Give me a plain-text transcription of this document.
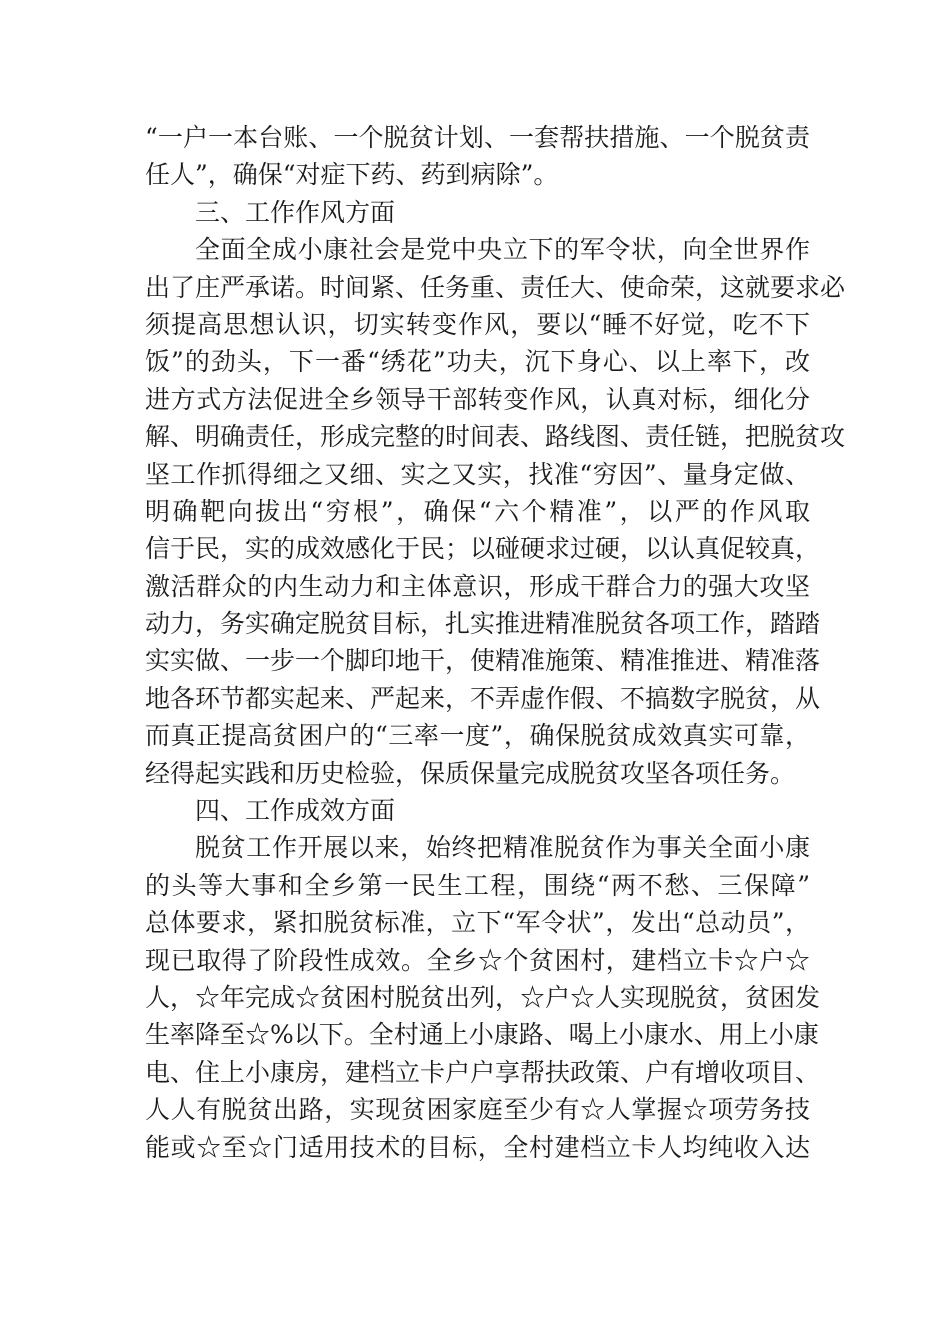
“一户一本台账、一个脱贫计划、一套帮扶措施、一个脱贫责
任人”，确保“对症下药、药到病除”。
三、工作作风方面
全面全成小康社会是党中央立下的军令状，向全世界作
出了庄严承诺。时间紧、任务重、责任大、使命荣，这就要求必
须提高思想认识，切实转变作风，要以“睡不好觉，吃不下
饭”的劲头，下一番“绣花”功夫，沉下身心、以上率下，改
进方式方法促进全乡领导干部转变作风，认真对标，细化分
解、明确责任，形成完整的时间表、路线图、责任链，把脱贫攻
坚工作抓得细之又细、实之又实，找准“穷因”、量身定做、
明确靶向拔出“穷根”，确保“六个精准”，以严的作风取
信于民，实的成效感化于民；以碰硬求过硬，以认真促较真，
激活群众的内生动力和主体意识，形成干群合力的强大攻坚
动力，务实确定脱贫目标，扎实推进精准脱贫各项工作，踏踏
实实做、一步一个脚印地干，使精准施策、精准推进、精准落
地各环节都实起来、严起来，不弄虚作假、不搞数字脱贫，从
而真正提高贫困户的“三率一度”，确保脱贫成效真实可靠，
经得起实践和历史检验，保质保量完成脱贫攻坚各项任务。
四、工作成效方面
脱贫工作开展以来，始终把精准脱贫作为事关全面小康
的头等大事和全乡第一民生工程，围绕“两不愁、三保障”
总体要求，紧扣脱贫标准，立下“军令状”，发出“总动员”，
现已取得了阶段性成效。全乡☆个贫困村，建档立卡☆户☆
人，☆年完成☆贫困村脱贫出列，☆户☆人实现脱贫，贫困发
生率降至☆%以下。全村通上小康路、喝上小康水、用上小康
电、住上小康房，建档立卡户户享帮扶政策、户有增收项目、
人人有脱贫出路，实现贫困家庭至少有☆人掌握☆项劳务技
能或☆至☆门适用技术的目标，全村建档立卡人均纯收入达
